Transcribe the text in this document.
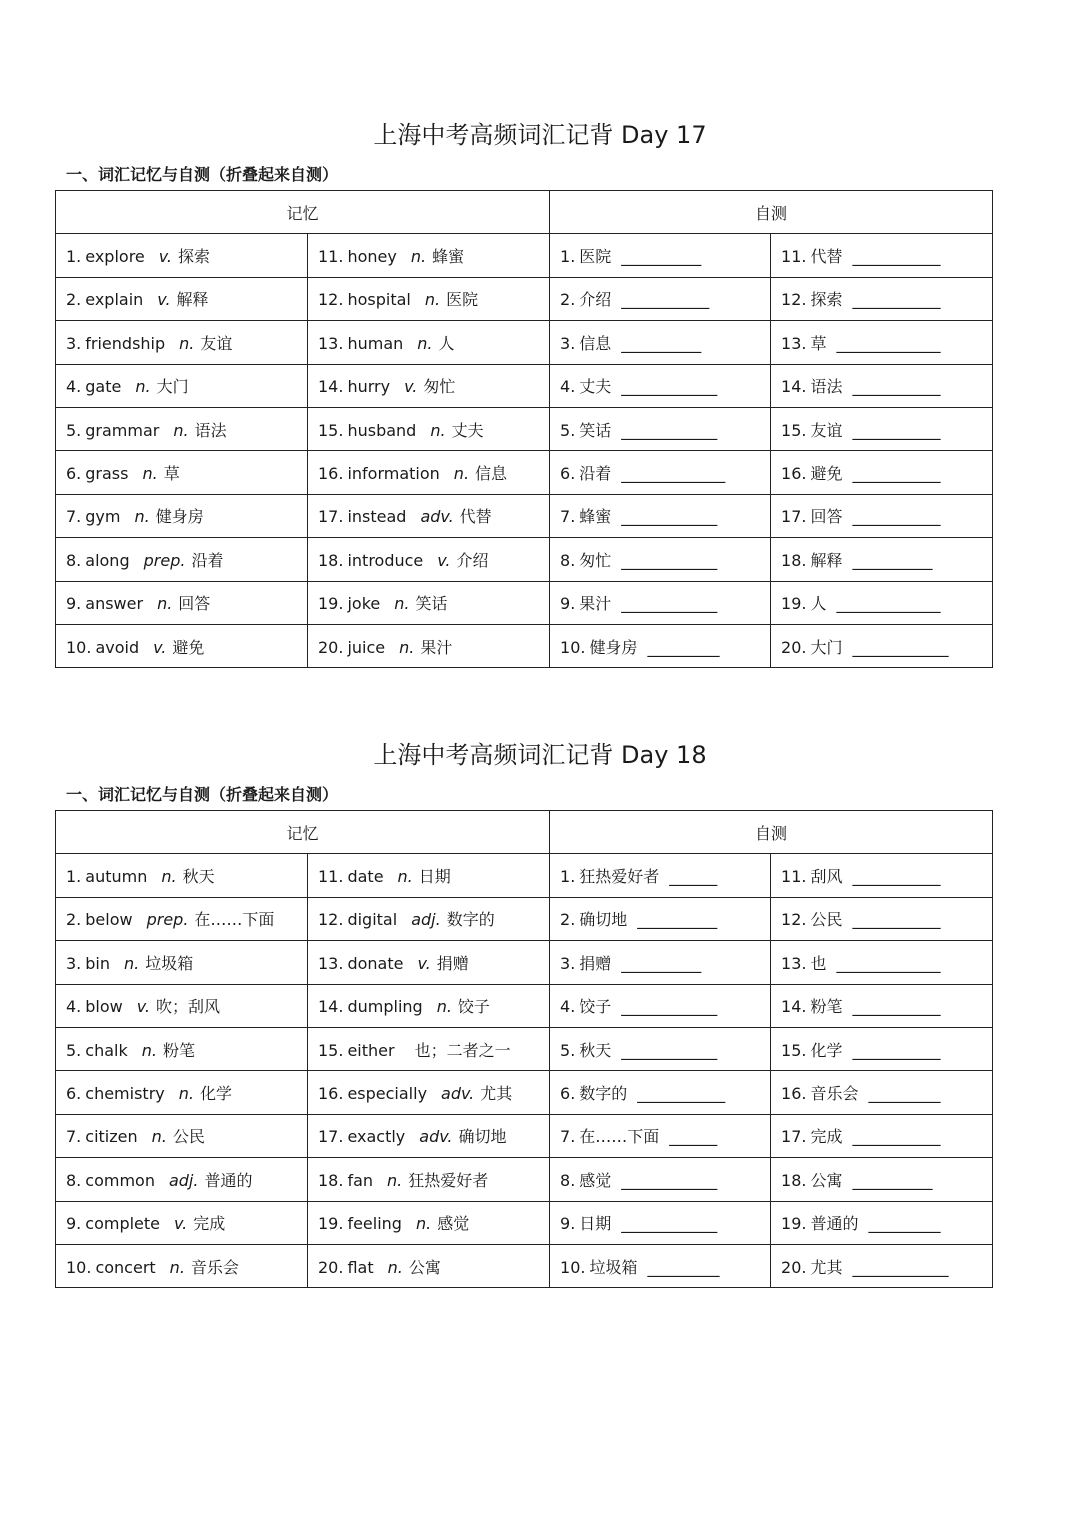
上海中考高频词汇记背 Day 17
一、词汇记忆与自测（折叠起来自测）
记忆		自测	
1. explore v. 探索	11. honey n. 蜂蜜	1. 医院 __________	11. 代替 ___________
2. explain v. 解释	12. hospital n. 医院	2. 介绍 ___________	12. 探索 ___________
3. friendship n. 友谊	13. human n. 人	3. 信息 __________	13. 草 _____________
4. gate n. 大门	14. hurry v. 匆忙	4. 丈夫 ____________	14. 语法 ___________
5. grammar n. 语法	15. husband n. 丈夫	5. 笑话 ____________	15. 友谊 ___________
6. grass n. 草	16. information n. 信息	6. 沿着 _____________	16. 避免 ___________
7. gym n. 健身房	17. instead adv. 代替	7. 蜂蜜 ____________	17. 回答 ___________
8. along prep. 沿着	18. introduce v. 介绍	8. 匆忙 ____________	18. 解释 __________
9. answer n. 回答	19. joke n. 笑话	9. 果汁 ____________	19. 人 _____________
10. avoid v. 避免	20. juice n. 果汁	10. 健身房 _________	20. 大门 ____________
上海中考高频词汇记背 Day 18
一、词汇记忆与自测（折叠起来自测）
记忆		自测	
1. autumn n. 秋天	11. date n. 日期	1. 狂热爱好者 ______	11. 刮风 ___________
2. below prep. 在……下面	12. digital adj. 数字的	2. 确切地 __________	12. 公民 ___________
3. bin n. 垃圾箱	13. donate v. 捐赠	3. 捐赠 __________	13. 也 _____________
4. blow v. 吹；刮风	14. dumpling n. 饺子	4. 饺子 ____________	14. 粉笔 ___________
5. chalk n. 粉笔	15. either 也；二者之一	5. 秋天 ____________	15. 化学 ___________
6. chemistry n. 化学	16. especially adv. 尤其	6. 数字的 ___________	16. 音乐会 _________
7. citizen n. 公民	17. exactly adv. 确切地	7. 在……下面 ______	17. 完成 ___________
8. common adj. 普通的	18. fan n. 狂热爱好者	8. 感觉 ____________	18. 公寓 __________
9. complete v. 完成	19. feeling n. 感觉	9. 日期 ____________	19. 普通的 _________
10. concert n. 音乐会	20. flat n. 公寓	10. 垃圾箱 _________	20. 尤其 ____________
